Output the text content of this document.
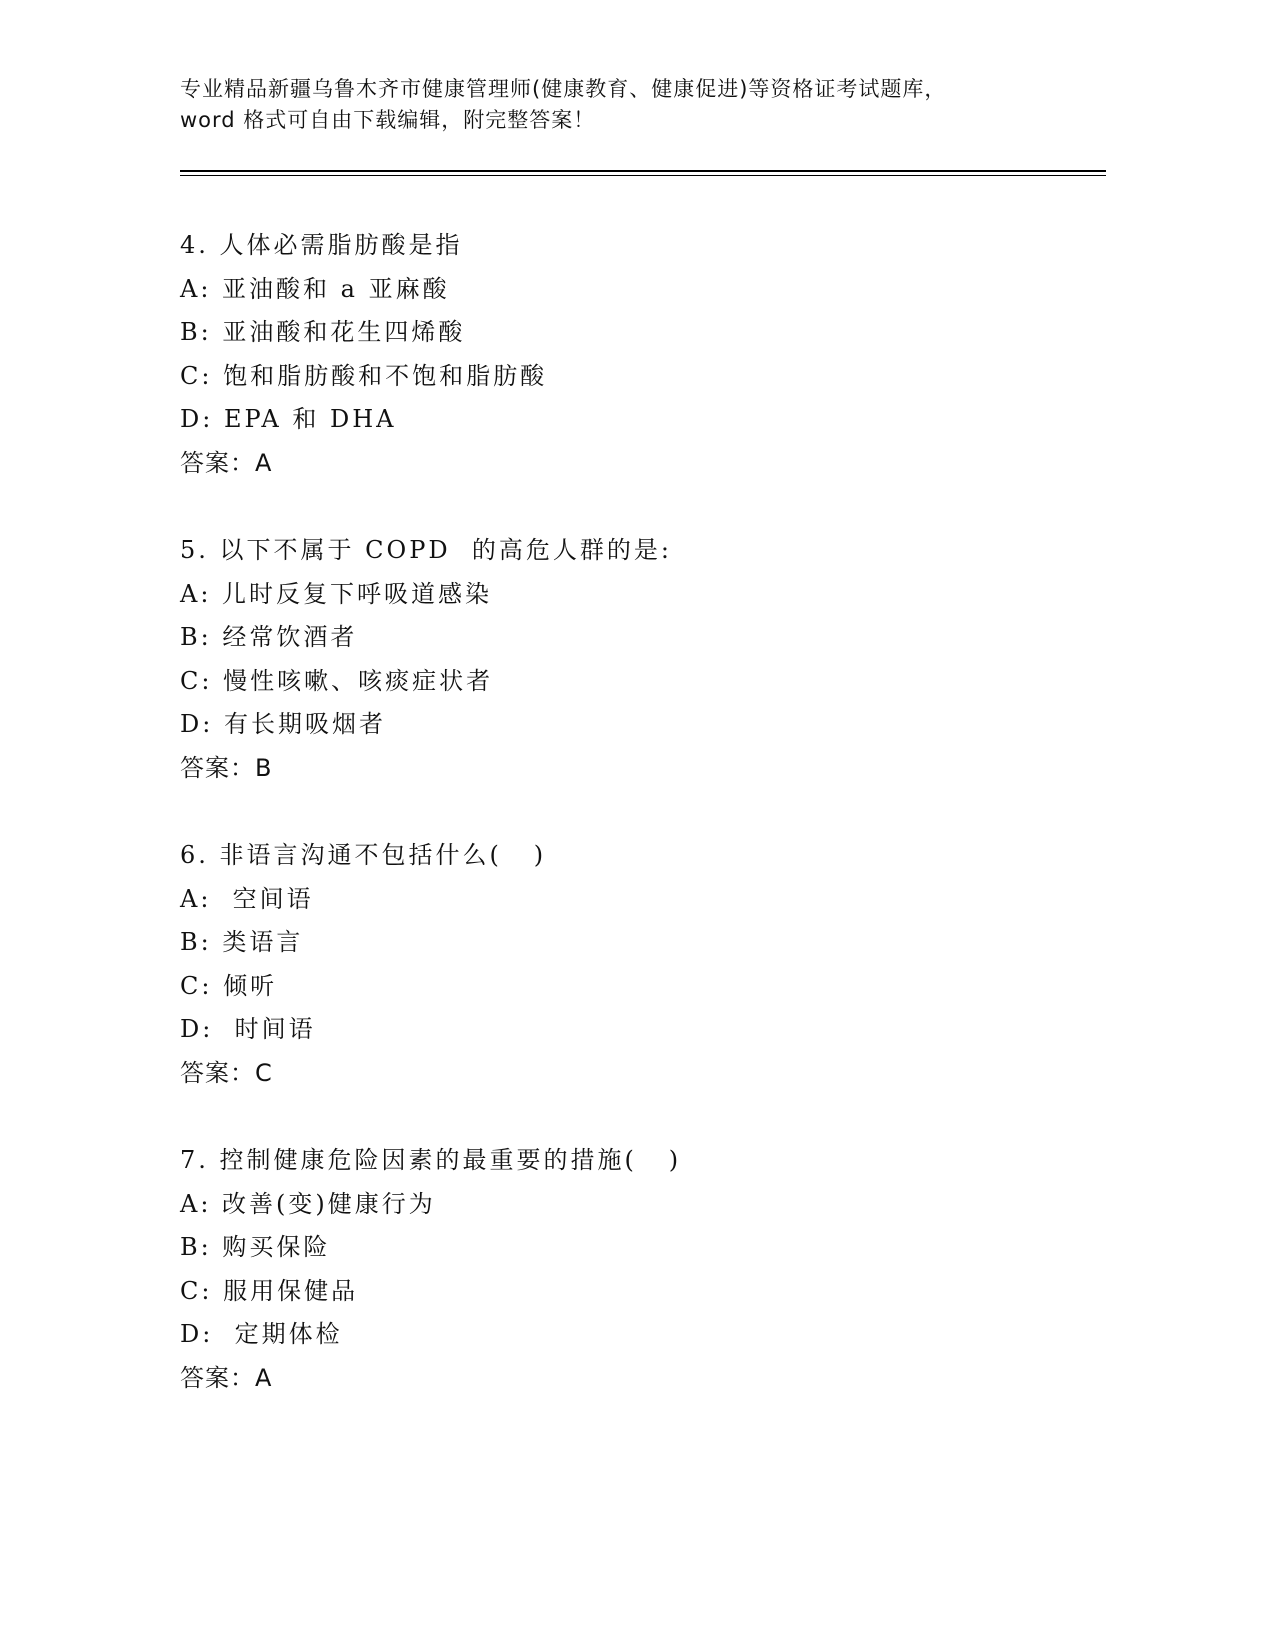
专业精品新疆乌鲁木齐市健康管理师(健康教育、健康促进)等资格证考试题库，
word 格式可自由下载编辑，附完整答案！
4. 人体必需脂肪酸是指
A: 亚油酸和 a 亚麻酸
B: 亚油酸和花生四烯酸
C: 饱和脂肪酸和不饱和脂肪酸
D: EPA 和 DHA
答案：A
5. 以下不属于 COPD  的高危人群的是:
A: 儿时反复下呼吸道感染
B: 经常饮酒者
C: 慢性咳嗽、咳痰症状者
D: 有长期吸烟者
答案：B
6. 非语言沟通不包括什么(   )
A:  空间语
B: 类语言
C: 倾听
D:  时间语
答案：C
7. 控制健康危险因素的最重要的措施(   )
A: 改善(变)健康行为
B: 购买保险
C: 服用保健品
D:  定期体检
答案：A
